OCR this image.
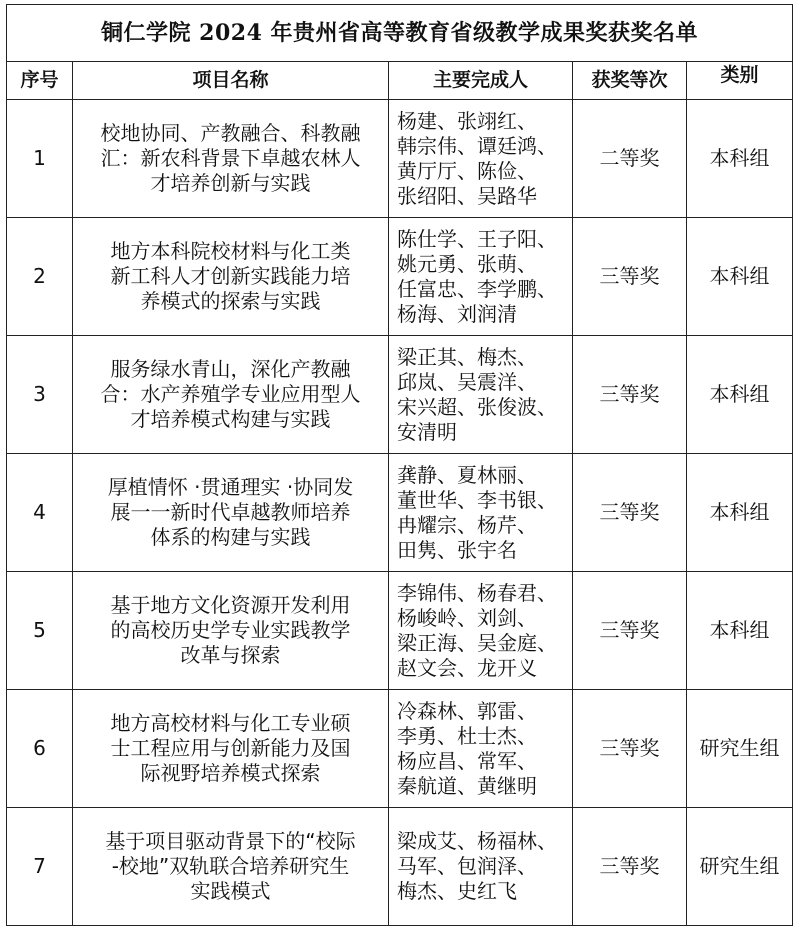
铜仁学院 2024 年贵州省高等教育省级教学成果奖获奖名单				
序号	项目名称	主要完成人	获奖等次	类别
1	校地协同、产教融合、科教融
汇：新农科背景下卓越农林人
才培养创新与实践	杨建、张翊红、
韩宗伟、谭廷鸿、
黄厅厅、陈俭、
张绍阳、吴路华	二等奖	本科组
2	地方本科院校材料与化工类
新工科人才创新实践能力培
养模式的探索与实践	陈仕学、王子阳、
姚元勇、张萌、
任富忠、李学鹏、
杨海、刘润清	三等奖	本科组
3	服务绿水青山，深化产教融
合：水产养殖学专业应用型人
才培养模式构建与实践	梁正其、梅杰、
邱岚、吴震洋、
宋兴超、张俊波、
安清明	三等奖	本科组
4	厚植情怀 ·贯通理实 ·协同发
展一一新时代卓越教师培养
体系的构建与实践	龚静、夏林丽、
董世华、李书银、
冉耀宗、杨芹、
田隽、张宇名	三等奖	本科组
5	基于地方文化资源开发利用
的高校历史学专业实践教学
改革与探索	李锦伟、杨春君、
杨峻岭、刘剑、
梁正海、吴金庭、
赵文会、龙开义	三等奖	本科组
6	地方高校材料与化工专业硕
士工程应用与创新能力及国
际视野培养模式探索	冷森林、郭雷、
李勇、杜士杰、
杨应昌、常军、
秦航道、黄继明	三等奖	研究生组
7	基于项目驱动背景下的“校际
-校地”双轨联合培养研究生
实践模式	梁成艾、杨福林、
马军、包润泽、
梅杰、史红飞	三等奖	研究生组
